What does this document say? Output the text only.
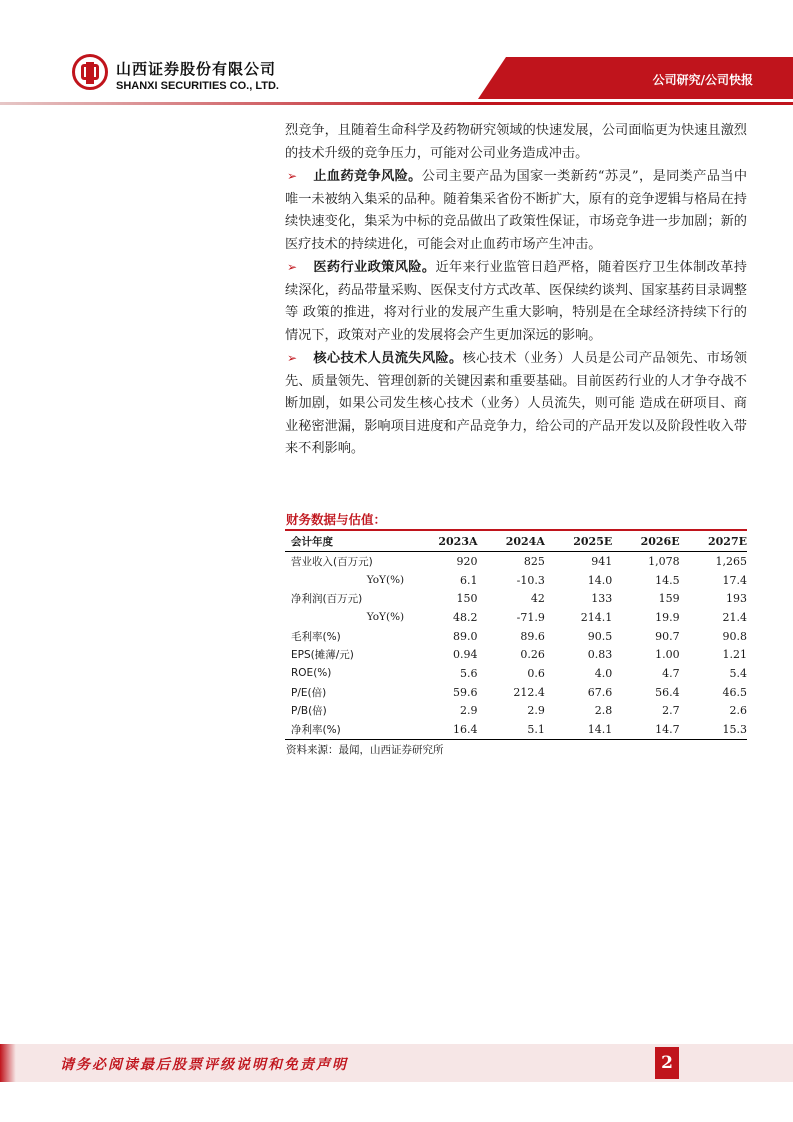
山西证券股份有限公司
SHANXI SECURITIES CO., LTD.	公司研究/公司快报

烈竞争，且随着生命科学及药物研究领域的快速发展，公司面临更为快速且激烈的技术升级的竞争压力，可能对公司业务造成冲击。

➢ 止血药竞争风险。公司主要产品为国家一类新药“苏灵”，是同类产品当中唯一未被纳入集采的品种。随着集采省份不断扩大，原有的竞争逻辑与格局在持续快速变化，集采为中标的竞品做出了政策性保证，市场竞争进一步加剧；新的医疗技术的持续进化，可能会对止血药市场产生冲击。

➢ 医药行业政策风险。近年来行业监管日趋严格，随着医疗卫生体制改革持续深化，药品带量采购、医保支付方式改革、医保续约谈判、国家基药目录调整等 政策的推进，将对行业的发展产生重大影响，特别是在全球经济持续下行的情况下，政策对产业的发展将会产生更加深远的影响。

➢ 核心技术人员流失风险。核心技术（业务）人员是公司产品领先、市场领先、质量领先、管理创新的关键因素和重要基础。目前医药行业的人才争夺战不断加剧，如果公司发生核心技术（业务）人员流失，则可能 造成在研项目、商业秘密泄漏，影响项目进度和产品竞争力，给公司的产品开发以及阶段性收入带来不利影响。

财务数据与估值：
会计年度	2023A	2024A	2025E	2026E	2027E
营业收入(百万元)	920	825	941	1,078	1,265
YoY(%)	6.1	-10.3	14.0	14.5	17.4
净利润(百万元)	150	42	133	159	193
YoY(%)	48.2	-71.9	214.1	19.9	21.4
毛利率(%)	89.0	89.6	90.5	90.7	90.8
EPS(摊薄/元)	0.94	0.26	0.83	1.00	1.21
ROE(%)	5.6	0.6	4.0	4.7	5.4
P/E(倍)	59.6	212.4	67.6	56.4	46.5
P/B(倍)	2.9	2.9	2.8	2.7	2.6
净利率(%)	16.4	5.1	14.1	14.7	15.3
资料来源：最闻，山西证券研究所
请务必阅读最后股票评级说明和免责声明	2
